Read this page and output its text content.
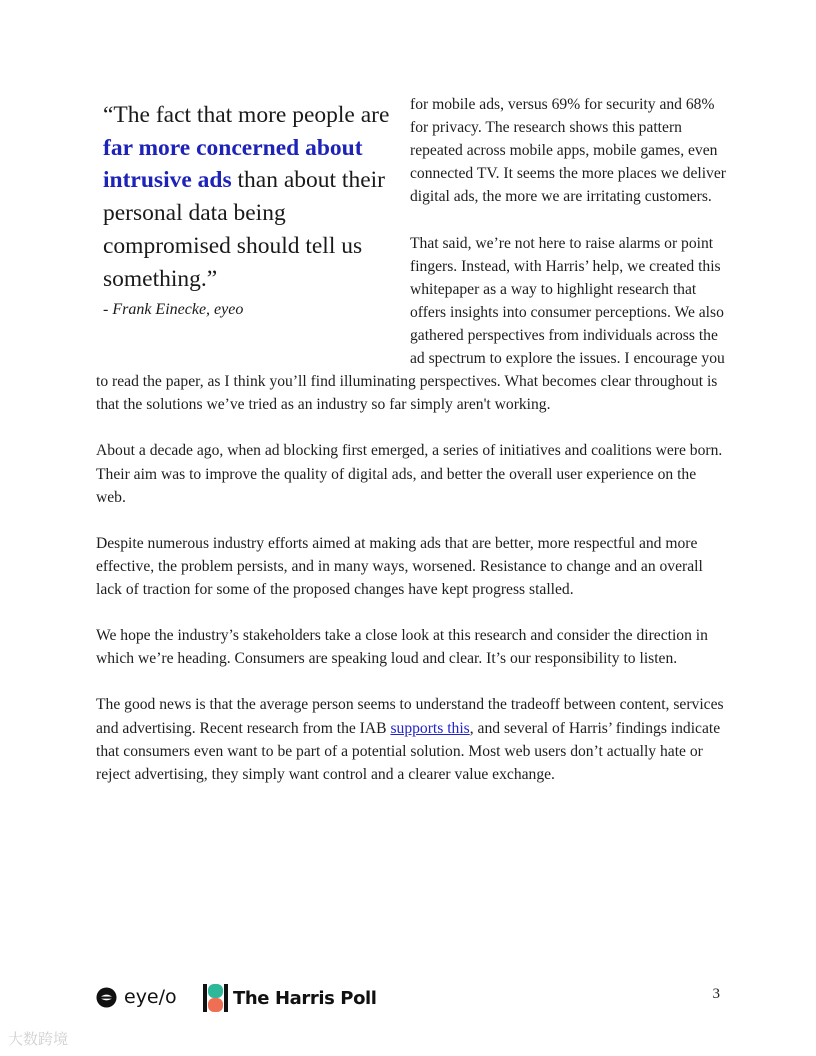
“The fact that more people are far more concerned about intrusive ads than about their personal data being compromised should tell us something.”

- Frank Einecke, eyeo

for mobile ads, versus 69% for security and 68% for privacy. The research shows this pattern repeated across mobile apps, mobile games, even connected TV. It seems the more places we deliver digital ads, the more we are irritating customers.

That said, we’re not here to raise alarms or point fingers. Instead, with Harris’ help, we created this whitepaper as a way to highlight research that offers insights into consumer perceptions. We also gathered perspectives from individuals across the ad spectrum to explore the issues. I encourage you to read the paper, as I think you’ll find illuminating perspectives. What becomes clear throughout is that the solutions we’ve tried as an industry so far simply aren't working.

About a decade ago, when ad blocking first emerged, a series of initiatives and coalitions were born. Their aim was to improve the quality of digital ads, and better the overall user experience on the web.

Despite numerous industry efforts aimed at making ads that are better, more respectful and more effective, the problem persists, and in many ways, worsened. Resistance to change and an overall lack of traction for some of the proposed changes have kept progress stalled.

We hope the industry’s stakeholders take a close look at this research and consider the direction in which we’re heading. Consumers are speaking loud and clear. It’s our responsibility to listen.

The good news is that the average person seems to understand the tradeoff between content, services and advertising. Recent research from the IAB supports this, and several of Harris’ findings indicate that consumers even want to be part of a potential solution. Most web users don’t actually hate or reject advertising, they simply want control and a clearer value exchange.

eye/o	The Harris Poll	3
大数跨境
